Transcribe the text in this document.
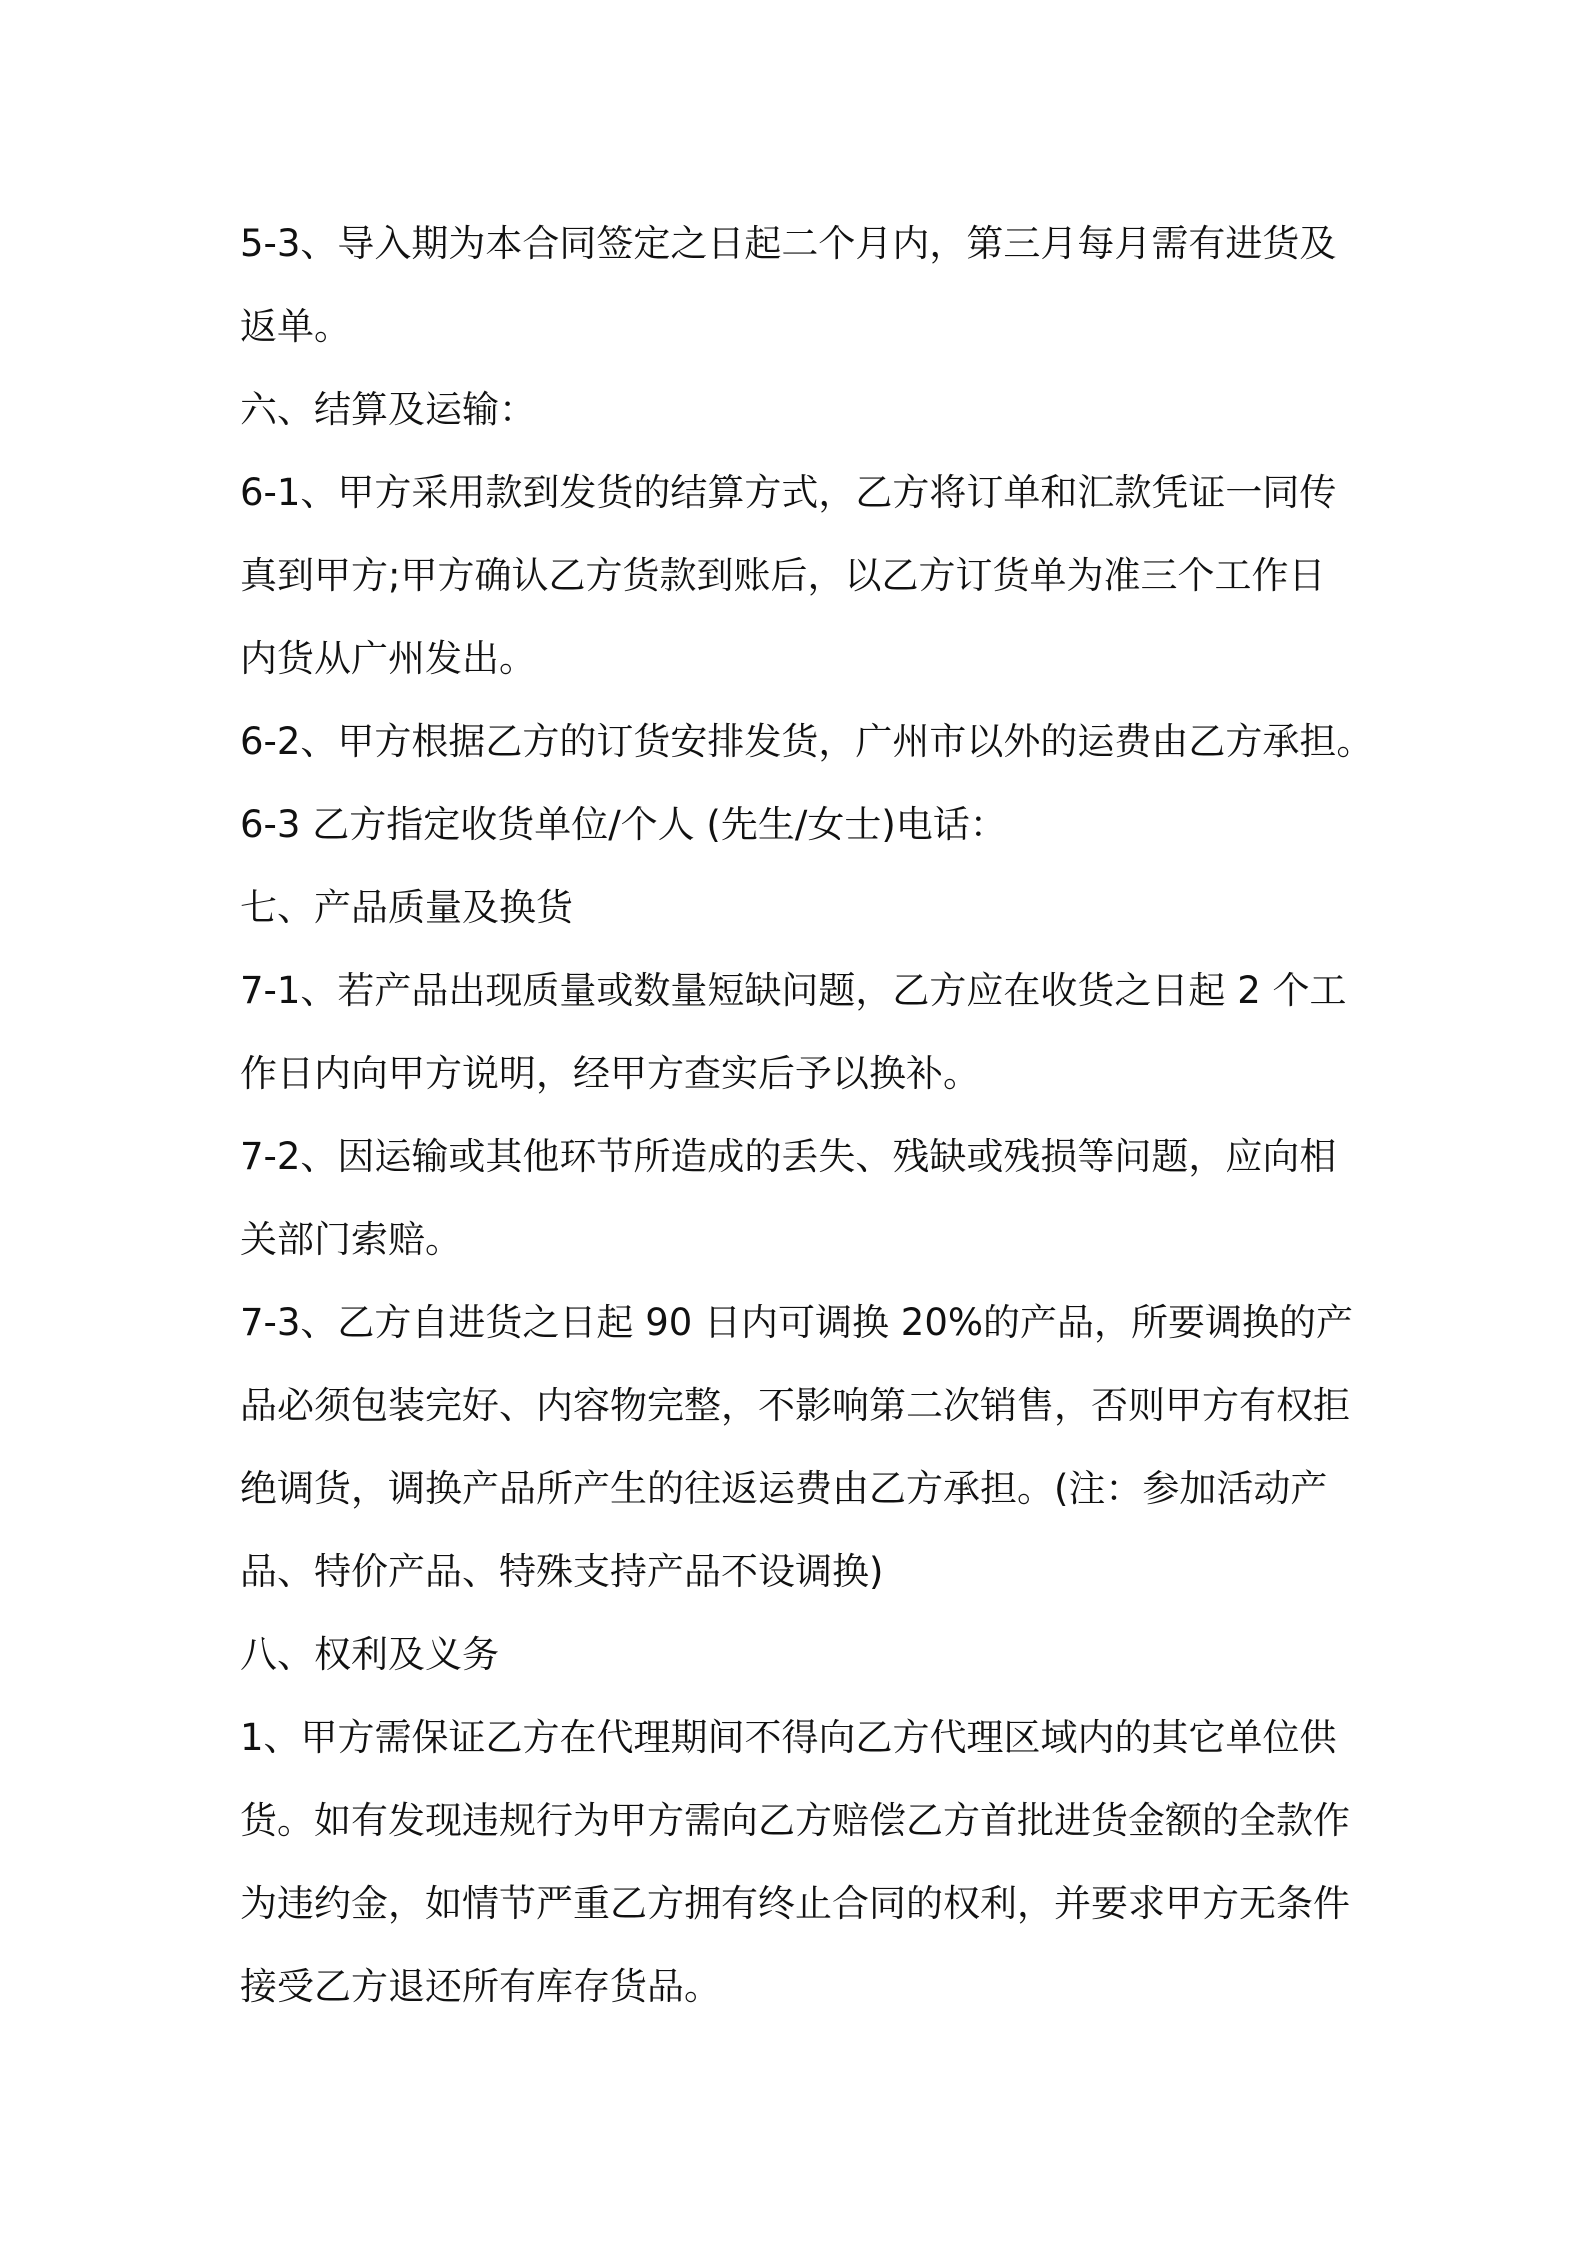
5-3、导入期为本合同签定之日起二个月内，第三月每月需有进货及
返单。
六、结算及运输：
6-1、甲方采用款到发货的结算方式，乙方将订单和汇款凭证一同传
真到甲方;甲方确认乙方货款到账后，以乙方订货单为准三个工作日
内货从广州发出。
6-2、甲方根据乙方的订货安排发货，广州市以外的运费由乙方承担。
6-3 乙方指定收货单位/个人 (先生/女士)电话：
七、产品质量及换货
7-1、若产品出现质量或数量短缺问题，乙方应在收货之日起 2 个工
作日内向甲方说明，经甲方查实后予以换补。
7-2、因运输或其他环节所造成的丢失、残缺或残损等问题，应向相
关部门索赔。
7-3、乙方自进货之日起 90 日内可调换 20%的产品，所要调换的产
品必须包装完好、内容物完整，不影响第二次销售，否则甲方有权拒
绝调货，调换产品所产生的往返运费由乙方承担。(注：参加活动产
品、特价产品、特殊支持产品不设调换)
八、权利及义务
1、甲方需保证乙方在代理期间不得向乙方代理区域内的其它单位供
货。如有发现违规行为甲方需向乙方赔偿乙方首批进货金额的全款作
为违约金，如情节严重乙方拥有终止合同的权利，并要求甲方无条件
接受乙方退还所有库存货品。
